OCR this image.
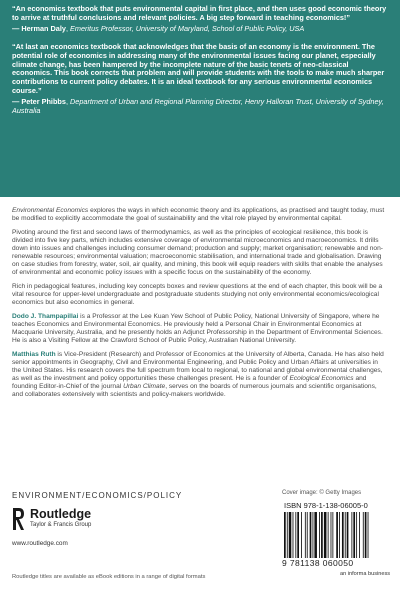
“An economics textbook that puts environmental capital in first place, and then uses good economic theory to arrive at truthful conclusions and relevant policies. A big step forward in teaching economics!”
— Herman Daly, Emeritus Professor, University of Maryland, School of Public Policy, USA
“At last an economics textbook that acknowledges that the basis of an economy is the environment. The potential role of economics in addressing many of the environmental issues facing our planet, especially climate change, has been hampered by the incomplete nature of the basic tenets of neo-classical economics. This book corrects that problem and will provide students with the tools to make much sharper contributions to current policy debates. It is an ideal textbook for any serious environmental economics course.”
— Peter Phibbs, Department of Urban and Regional Planning Director, Henry Halloran Trust, University of Sydney, Australia

Environmental Economics explores the ways in which economic theory and its applications, as practised and taught today, must be modified to explicitly accommodate the goal of sustainability and the vital role played by environmental capital.

Pivoting around the first and second laws of thermodynamics, as well as the principles of ecological resilience, this book is divided into five key parts, which includes extensive coverage of environmental microeconomics and macroeconomics. It drills down into issues and challenges including consumer demand; production and supply; market organisation; renewable and non-renewable resources; environmental valuation; macroeconomic stabilisation, and international trade and globalisation. Drawing on case studies from forestry, water, soil, air quality, and mining, this book will equip readers with skills that enable the analyses of environmental and economic policy issues with a specific focus on the sustainability of the economy.

Rich in pedagogical features, including key concepts boxes and review questions at the end of each chapter, this book will be a vital resource for upper-level undergraduate and postgraduate students studying not only environmental economics/ecological economics but also economics in general.

Dodo J. Thampapillai is a Professor at the Lee Kuan Yew School of Public Policy, National University of Singapore, where he teaches Economics and Environmental Economics. He previously held a Personal Chair in Environmental Economics at Macquarie University, Australia, and he presently holds an Adjunct Professorship in the Department of Environmental Sciences. He is also a Visiting Fellow at the Crawford School of Public Policy, Australian National University.

Matthias Ruth is Vice-President (Research) and Professor of Economics at the University of Alberta, Canada. He has also held senior appointments in Geography, Civil and Environmental Engineering, and Public Policy and Urban Affairs at universities in the United States. His research covers the full spectrum from local to regional, to national and global environmental challenges, as well as the investment and policy opportunities these challenges present. He is a founder of Ecological Economics and founding Editor-in-Chief of the journal Urban Climate, serves on the boards of numerous journals and scientific organisations, and collaborates extensively with scientists and policy-makers worldwide.

ENVIRONMENT/ECONOMICS/POLICY
Routledge
Taylor & Francis Group
www.routledge.com
Routledge titles are available as eBook editions in a range of digital formats
Cover image: © Getty Images
ISBN 978-1-138-06005-0
9 781138 060050
an informa business
